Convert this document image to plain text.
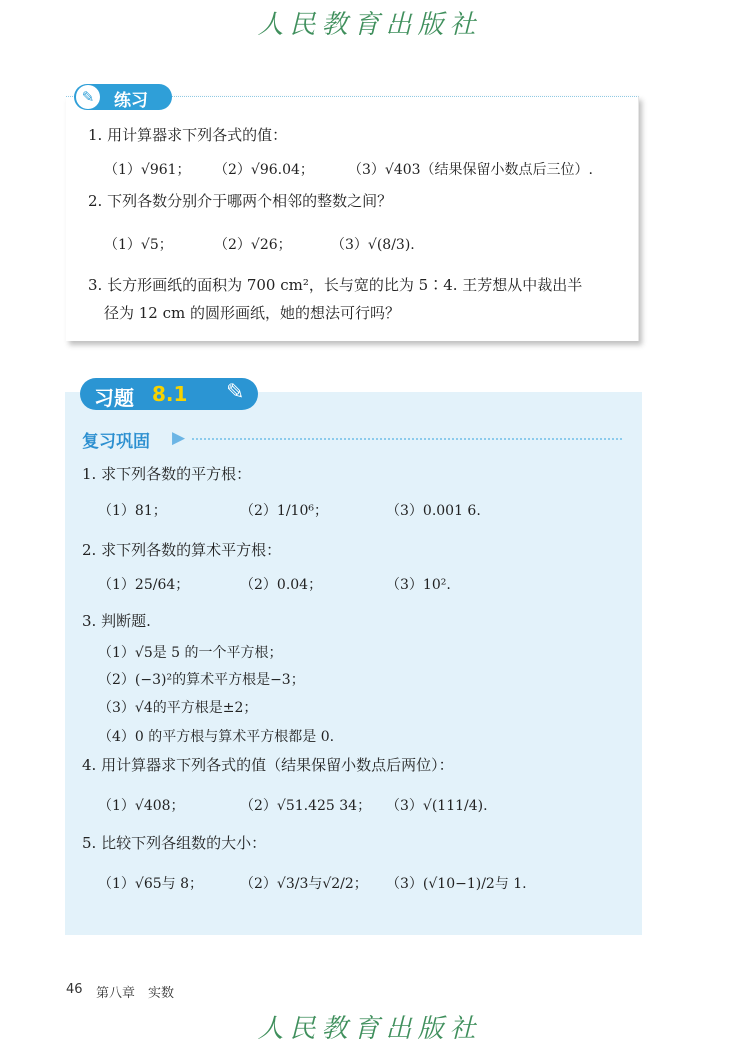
人民教育出版社
✎	练习
1. 用计算器求下列各式的值：
（1）√961； （2）√96.04； （3）√403（结果保留小数点后三位）.
2. 下列各数分别介于哪两个相邻的整数之间？
（1）√5；	（2）√26；	（3）√(8/3).
3. 长方形画纸的面积为 700 cm²，长与宽的比为 5∶4. 王芳想从中裁出半
径为 12 cm 的圆形画纸，她的想法可行吗？
习题 8.1 ✎
复习巩固 ▶
1. 求下列各数的平方根：
（1）81；	（2）1/10⁶；	（3）0.001 6.
2. 求下列各数的算术平方根：
（1）25/64；	（2）0.04；	（3）10².
3. 判断题.
（1）√5是 5 的一个平方根；
（2）(−3)²的算术平方根是−3；
（3）√4的平方根是±2；
（4）0 的平方根与算术平方根都是 0.
4. 用计算器求下列各式的值（结果保留小数点后两位）：
（1）√408；	（2）√51.425 34； （3）√(111/4).
5. 比较下列各组数的大小：
（1）√65与 8；	（2）√3/3与√2/2； （3）(√10−1)/2与 1.
46 第八章　实数
人民教育出版社
